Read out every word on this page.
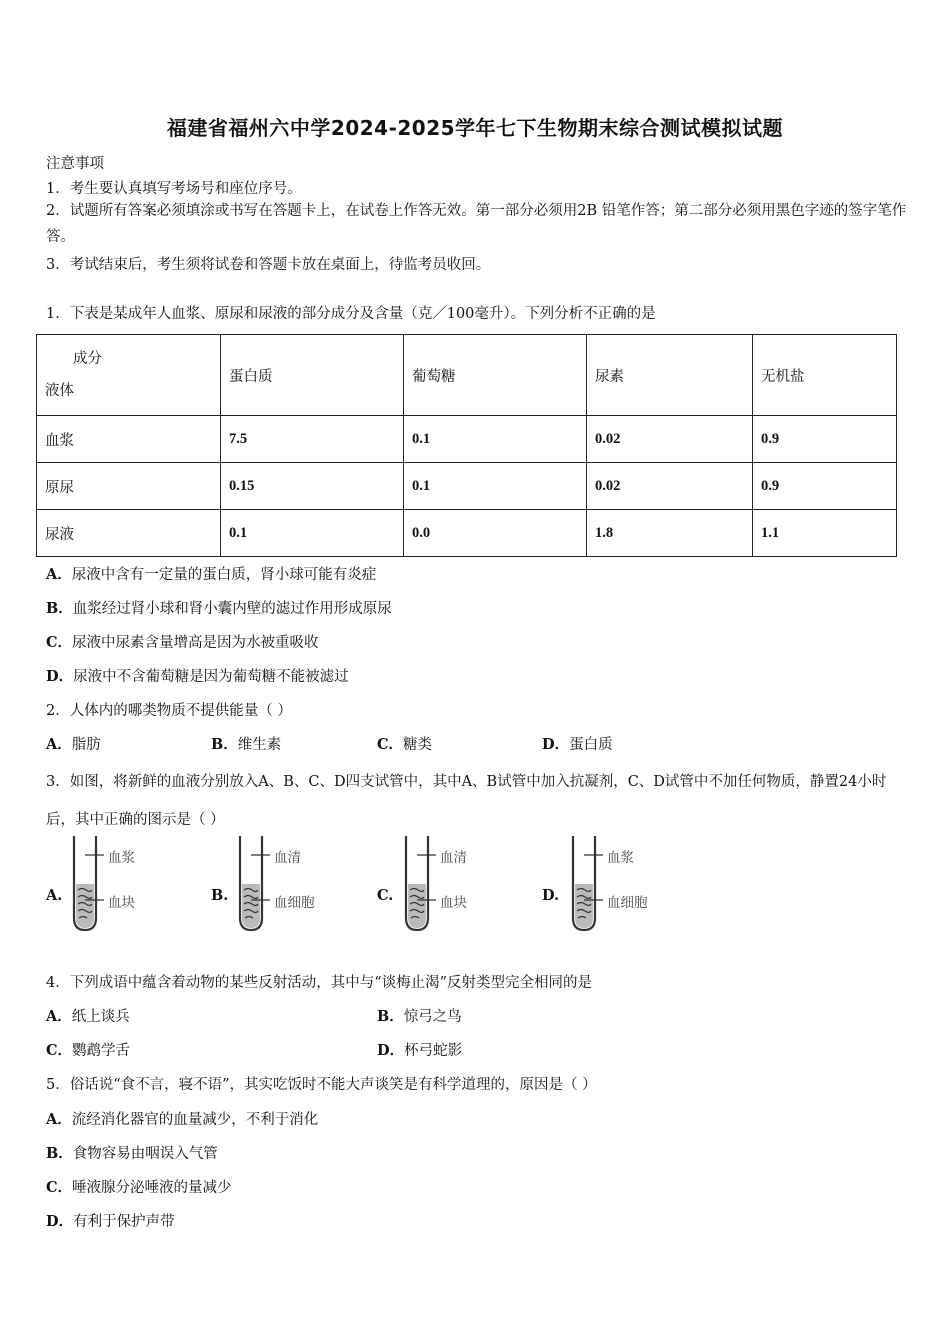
福建省福州六中学2024-2025学年七下生物期末综合测试模拟试题
注意事项
1．考生要认真填写考场号和座位序号。
2．试题所有答案必须填涂或书写在答题卡上，在试卷上作答无效。第一部分必须用2B 铅笔作答；第二部分必须用黑色字迹的签字笔作答。
3．考试结束后，考生须将试卷和答题卡放在桌面上，待监考员收回。
1．下表是某成年人血浆、原尿和尿液的部分成分及含量（克／100毫升）。下列分析不正确的是
成分
液体	蛋白质	葡萄糖	尿素	无机盐
血浆	7.5	0.1	0.02	0.9
原尿	0.15	0.1	0.02	0.9
尿液	0.1	0.0	1.8	1.1
A．尿液中含有一定量的蛋白质，肾小球可能有炎症
B．血浆经过肾小球和肾小囊内壁的滤过作用形成原尿
C．尿液中尿素含量增高是因为水被重吸收
D．尿液中不含葡萄糖是因为葡萄糖不能被滤过
2．人体内的哪类物质不提供能量（ ）
A．脂肪	B．维生素	C．糖类	D．蛋白质
3．如图，将新鲜的血液分别放入A、B、C、D四支试管中，其中A、B试管中加入抗凝剂，C、D试管中不加任何物质，静置24小时后，其中正确的图示是（ ）
A.
血浆
血块	B.
血清
血细胞	C.
血清
血块	D.
血浆
血细胞
4．下列成语中蕴含着动物的某些反射活动，其中与“谈梅止渴”反射类型完全相同的是
A．纸上谈兵	B．惊弓之鸟
C．鹦鹉学舌	D．杯弓蛇影
5．俗话说“食不言，寝不语”，其实吃饭时不能大声谈笑是有科学道理的，原因是（ ）
A．流经消化器官的血量减少，不利于消化
B．食物容易由咽误入气管
C．唾液腺分泌唾液的量减少
D．有利于保护声带
